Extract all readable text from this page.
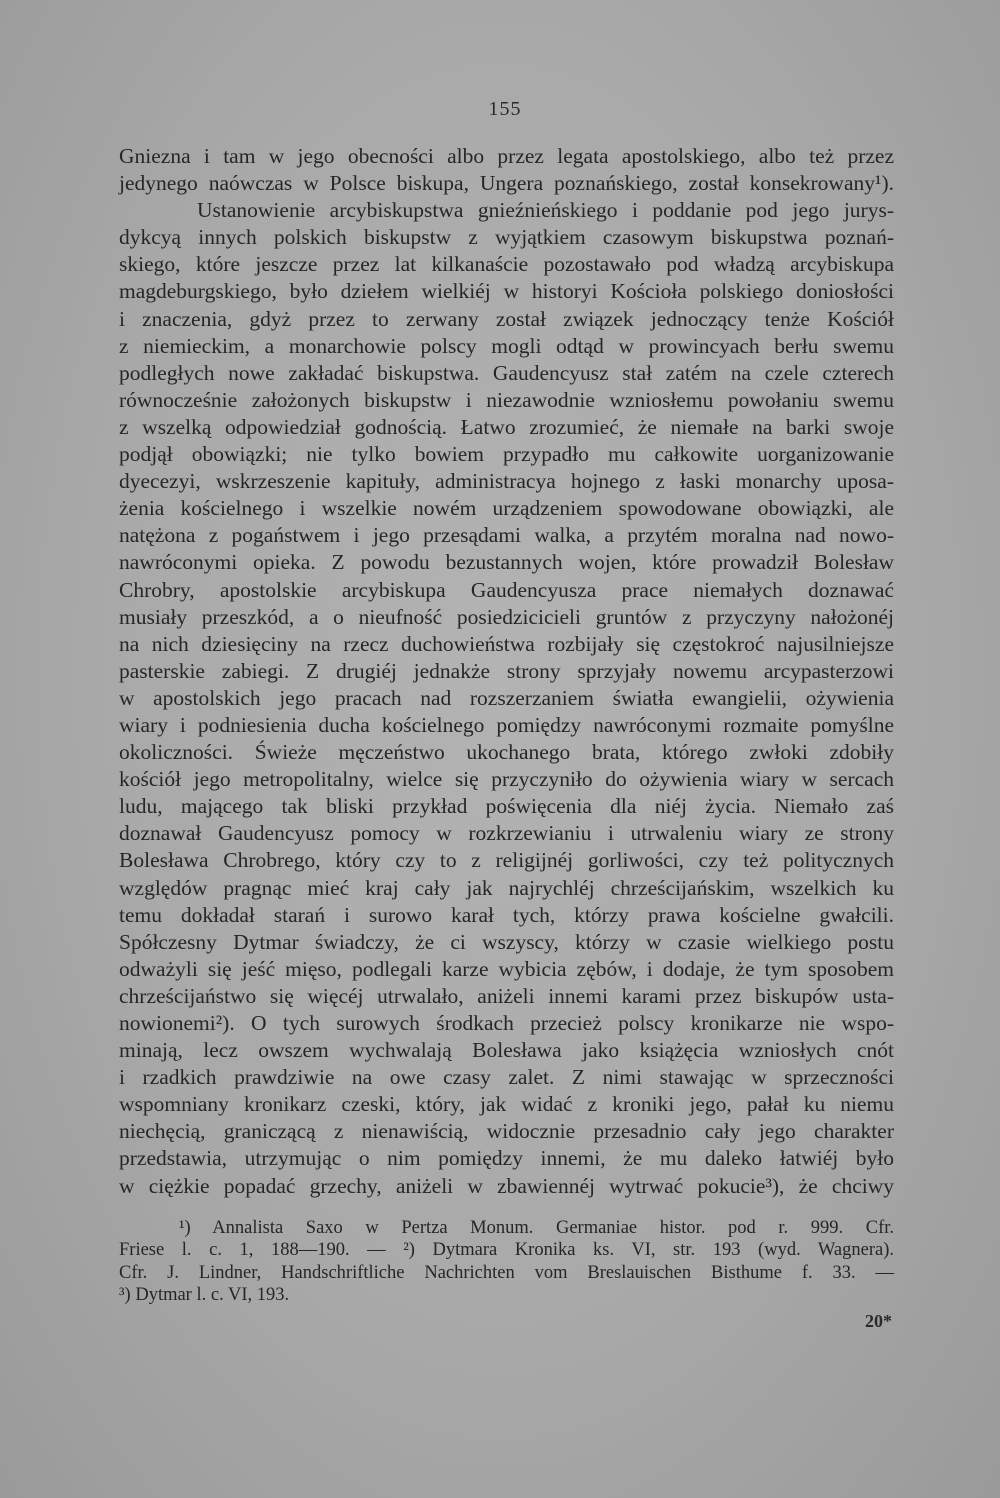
155
Gniezna i tam w jego obecności albo przez legata apostolskiego, albo też przez
jedynego naówczas w Polsce biskupa, Ungera poznańskiego, został konsekrowany¹).
Ustanowienie arcybiskupstwa gnieźnieńskiego i poddanie pod jego jurys-
dykcyą innych polskich biskupstw z wyjątkiem czasowym biskupstwa poznań-
skiego, które jeszcze przez lat kilkanaście pozostawało pod władzą arcybiskupa
magdeburgskiego, było dziełem wielkiéj w historyi Kościoła polskiego doniosłości
i znaczenia, gdyż przez to zerwany został związek jednoczący tenże Kościół
z niemieckim, a monarchowie polscy mogli odtąd w prowincyach berłu swemu
podległych nowe zakładać biskupstwa. Gaudencyusz stał zatém na czele czterech
równocześnie założonych biskupstw i niezawodnie wzniosłemu powołaniu swemu
z wszelką odpowiedział godnością. Łatwo zrozumieć, że niemałe na barki swoje
podjął obowiązki; nie tylko bowiem przypadło mu całkowite uorganizowanie
dyecezyi, wskrzeszenie kapituły, administracya hojnego z łaski monarchy uposa-
żenia kościelnego i wszelkie nowém urządzeniem spowodowane obowiązki, ale
natężona z pogaństwem i jego przesądami walka, a przytém moralna nad nowo-
nawróconymi opieka. Z powodu bezustannych wojen, które prowadził Bolesław
Chrobry, apostolskie arcybiskupa Gaudencyusza prace niemałych doznawać
musiały przeszkód, a o nieufność posiedzicicieli gruntów z przyczyny nałożonéj
na nich dziesięciny na rzecz duchowieństwa rozbijały się częstokroć najusilniejsze
pasterskie zabiegi. Z drugiéj jednakże strony sprzyjały nowemu arcypasterzowi
w apostolskich jego pracach nad rozszerzaniem światła ewangielii, ożywienia
wiary i podniesienia ducha kościelnego pomiędzy nawróconymi rozmaite pomyślne
okoliczności. Świeże męczeństwo ukochanego brata, którego zwłoki zdobiły
kościół jego metropolitalny, wielce się przyczyniło do ożywienia wiary w sercach
ludu, mającego tak bliski przykład poświęcenia dla niéj życia. Niemało zaś
doznawał Gaudencyusz pomocy w rozkrzewianiu i utrwaleniu wiary ze strony
Bolesława Chrobrego, który czy to z religijnéj gorliwości, czy też politycznych
względów pragnąc mieć kraj cały jak najrychléj chrześcijańskim, wszelkich ku
temu dokładał starań i surowo karał tych, którzy prawa kościelne gwałcili.
Spółczesny Dytmar świadczy, że ci wszyscy, którzy w czasie wielkiego postu
odważyli się jeść mięso, podlegali karze wybicia zębów, i dodaje, że tym sposobem
chrześcijaństwo się więcéj utrwalało, aniżeli innemi karami przez biskupów usta-
nowionemi²). O tych surowych środkach przecież polscy kronikarze nie wspo-
minają, lecz owszem wychwalają Bolesława jako książęcia wzniosłych cnót
i rzadkich prawdziwie na owe czasy zalet. Z nimi stawając w sprzeczności
wspomniany kronikarz czeski, który, jak widać z kroniki jego, pałał ku niemu
niechęcią, graniczącą z nienawiścią, widocznie przesadnio cały jego charakter
przedstawia, utrzymując o nim pomiędzy innemi, że mu daleko łatwiéj było
w ciężkie popadać grzechy, aniżeli w zbawiennéj wytrwać pokucie³), że chciwy
¹) Annalista Saxo w Pertza Monum. Germaniae histor. pod r. 999. Cfr.
Friese l. c. 1, 188—190. — ²) Dytmara Kronika ks. VI, str. 193 (wyd. Wagnera).
Cfr. J. Lindner, Handschriftliche Nachrichten vom Breslauischen Bisthume f. 33. —
³) Dytmar l. c. VI, 193.
20*
